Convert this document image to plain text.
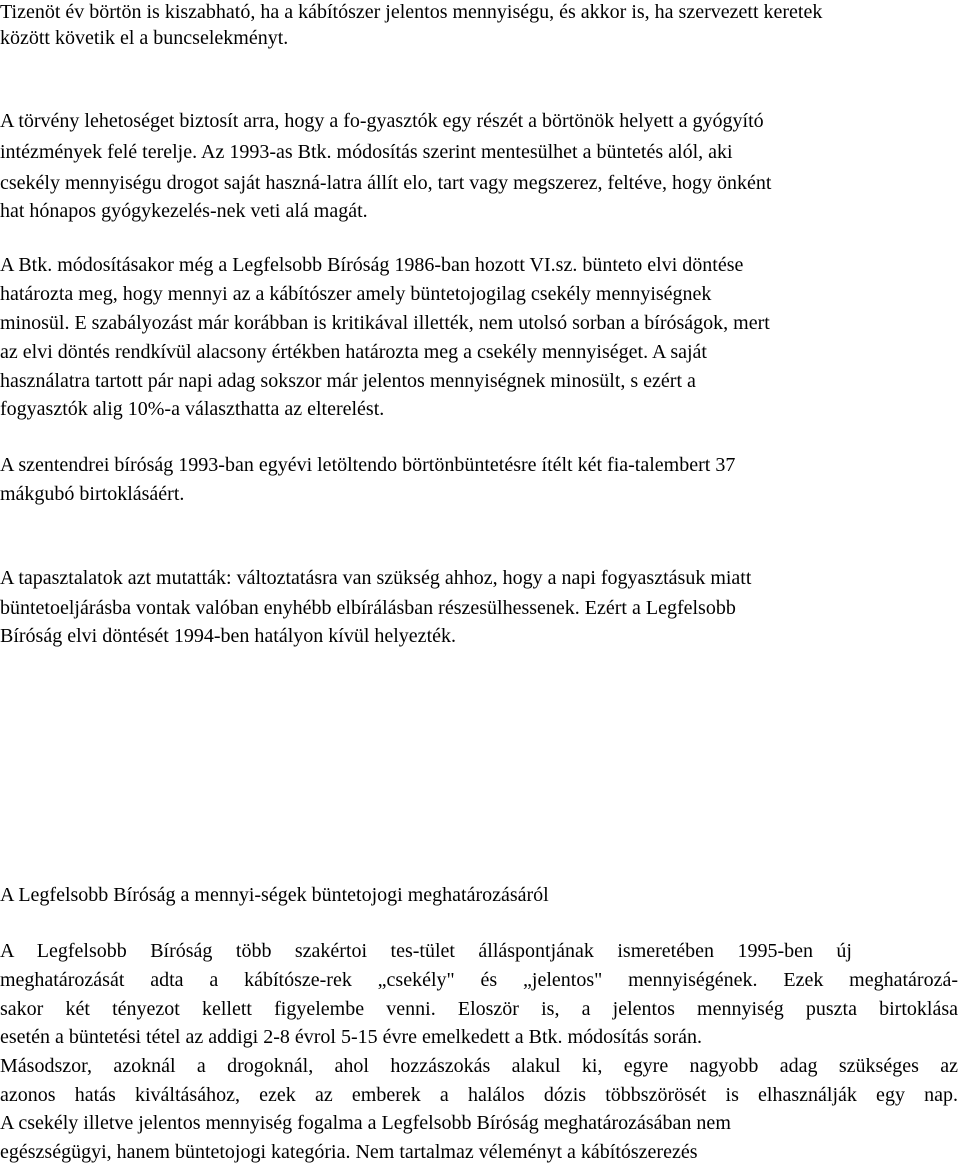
Tizenöt év börtön is kiszabható, ha a kábítószer jelentos mennyiségu, és akkor is, ha szervezett keretek
között követik el a buncselekményt.
A törvény lehetoséget biztosít arra, hogy a fo-gyasztók egy részét a börtönök helyett a gyógyító
intézmények felé terelje. Az 1993-as Btk. módosítás szerint mentesülhet a büntetés alól, aki
csekély mennyiségu drogot saját haszná-latra állít elo, tart vagy megszerez, feltéve, hogy önként
hat hónapos gyógykezelés-nek veti alá magát.
A Btk. módosításakor még a Legfelsobb Bíróság 1986-ban hozott VI.sz. bünteto elvi döntése
határozta meg, hogy mennyi az a kábítószer amely büntetojogilag csekély mennyiségnek
minosül. E szabályozást már korábban is kritikával illették, nem utolsó sorban a bíróságok, mert
az elvi döntés rendkívül alacsony értékben határozta meg a csekély mennyiséget. A saját
használatra tartott pár napi adag sokszor már jelentos mennyiségnek minosült, s ezért a
fogyasztók alig 10%-a választhatta az elterelést.
A szentendrei bíróság 1993-ban egyévi letöltendo börtönbüntetésre ítélt két fia-talembert 37
mákgubó birtoklásáért.
A tapasztalatok azt mutatták: változtatásra van szükség ahhoz, hogy a napi fogyasztásuk miatt
büntetoeljárásba vontak valóban enyhébb elbírálásban részesülhessenek. Ezért a Legfelsobb
Bíróság elvi döntését 1994-ben hatályon kívül helyezték.
A Legfelsobb Bíróság a mennyi-ségek büntetojogi meghatározásáról
A Legfelsobb Bíróság több szakértoi tes-tület álláspontjának ismeretében 1995-ben új
meghatározását adta a kábítósze-rek „csekély" és „jelentos" mennyiségének. Ezek meghatározá-
sakor két tényezot kellett figyelembe venni. Eloször is, a jelentos mennyiség puszta birtoklása
esetén a büntetési tétel az addigi 2-8 évrol 5-15 évre emelkedett a Btk. módosítás során.
Másodszor, azoknál a drogoknál, ahol hozzászokás alakul ki, egyre nagyobb adag szükséges az
azonos hatás kiváltásához, ezek az emberek a halálos dózis többszörösét is elhasználják egy nap.
A csekély illetve jelentos mennyiség fogalma a Legfelsobb Bíróság meghatározásában nem
egészségügyi, hanem büntetojogi kategória. Nem tartalmaz véleményt a kábítószerezés
